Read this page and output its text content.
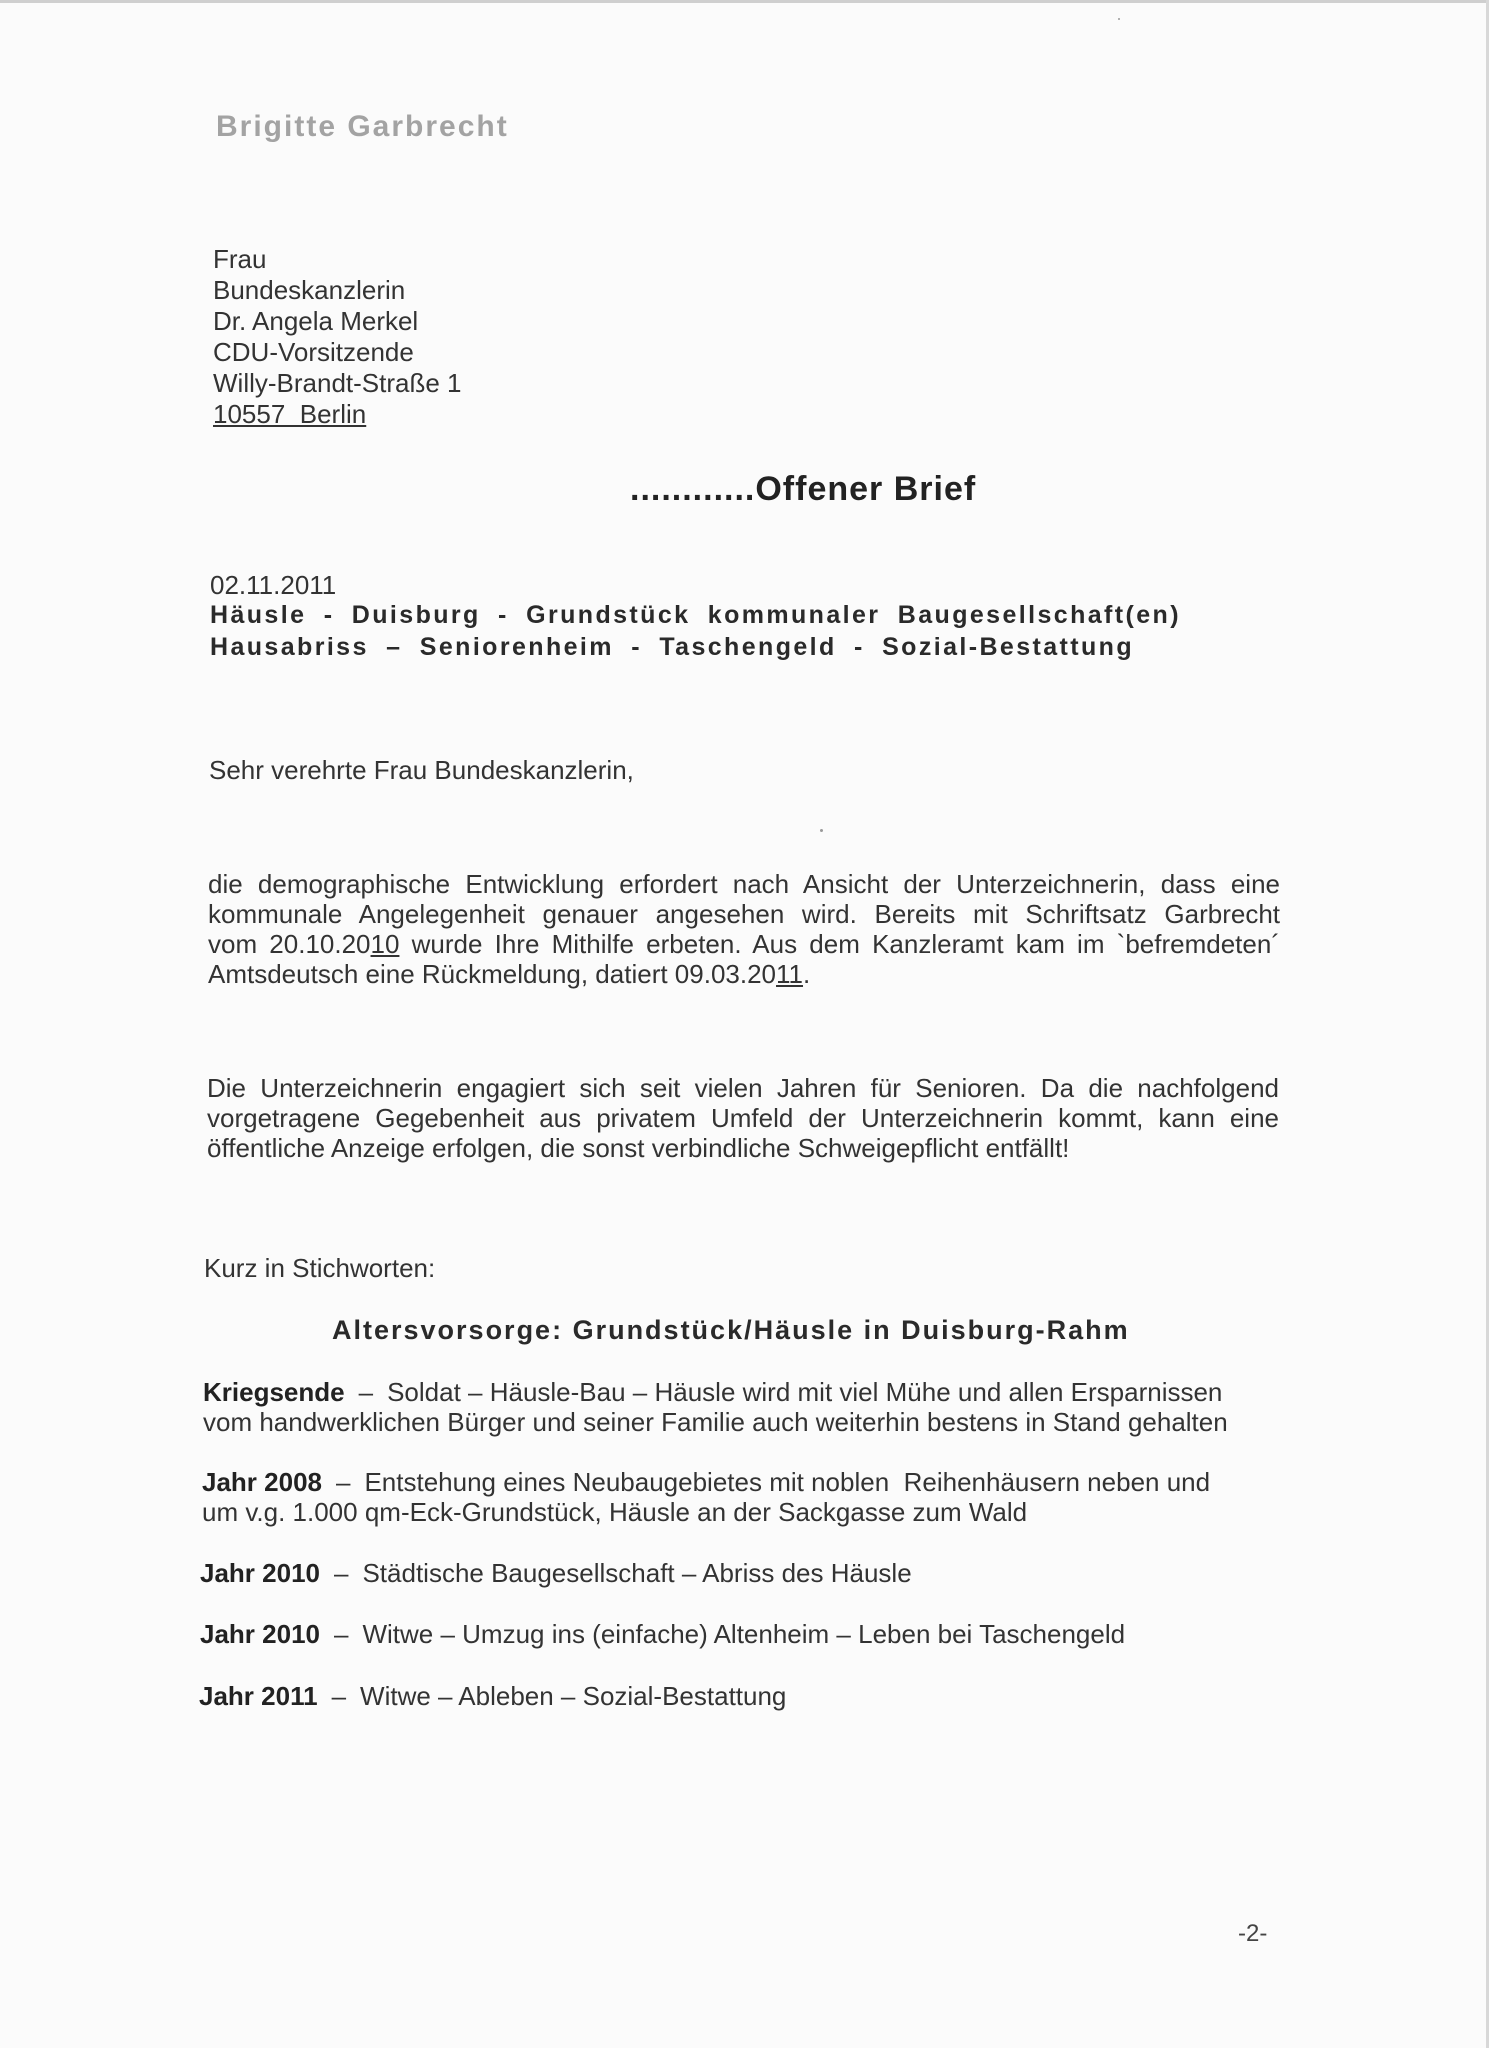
Brigitte Garbrecht
Frau
Bundeskanzlerin
Dr. Angela Merkel
CDU-Vorsitzende
Willy-Brandt-Straße 1
10557  Berlin
............Offener Brief
02.11.2011
Häusle - Duisburg - Grundstück kommunaler Baugesellschaft(en)
Hausabriss – Seniorenheim - Taschengeld - Sozial-Bestattung
Sehr verehrte Frau Bundeskanzlerin,
die demographische Entwicklung erfordert nach Ansicht der Unterzeichnerin, dass eine
kommunale Angelegenheit genauer angesehen wird. Bereits mit Schriftsatz Garbrecht
vom 20.10.2010 wurde Ihre Mithilfe erbeten. Aus dem Kanzleramt kam im `befremdeten´
Amtsdeutsch eine Rückmeldung, datiert 09.03.2011.
Die Unterzeichnerin engagiert sich seit vielen Jahren für Senioren. Da die nachfolgend
vorgetragene Gegebenheit aus privatem Umfeld der Unterzeichnerin kommt, kann eine
öffentliche Anzeige erfolgen, die sonst verbindliche Schweigepflicht entfällt!
Kurz in Stichworten:
Altersvorsorge: Grundstück/Häusle in Duisburg-Rahm
Kriegsende – Soldat – Häusle-Bau – Häusle wird mit viel Mühe und allen Ersparnissen
vom handwerklichen Bürger und seiner Familie auch weiterhin bestens in Stand gehalten
Jahr 2008 – Entstehung eines Neubaugebietes mit noblen  Reihenhäusern neben und
um v.g. 1.000 qm-Eck-Grundstück, Häusle an der Sackgasse zum Wald
Jahr 2010 – Städtische Baugesellschaft – Abriss des Häusle
Jahr 2010 – Witwe – Umzug ins (einfache) Altenheim – Leben bei Taschengeld
Jahr 2011 – Witwe – Ableben – Sozial-Bestattung
-2-
